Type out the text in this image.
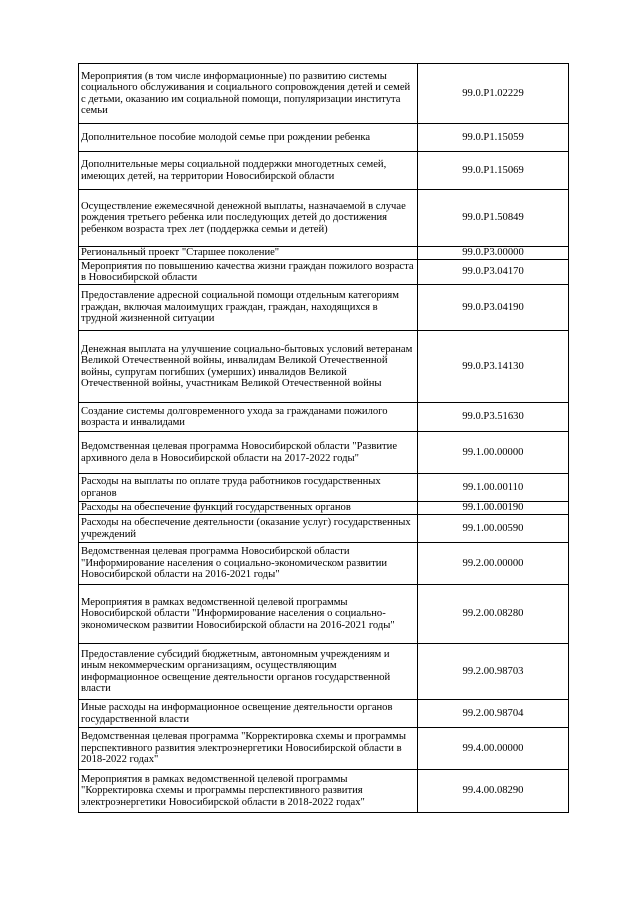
Мероприятия (в том числе информационные) по развитию системы социального обслуживания и социального сопровождения детей и семей с детьми, оказанию им социальной помощи, популяризации института семьи	99.0.P1.02229
Дополнительное пособие молодой семье при рождении ребенка	99.0.P1.15059
Дополнительные меры социальной поддержки многодетных семей, имеющих детей, на территории Новосибирской области	99.0.P1.15069
Осуществление ежемесячной денежной выплаты, назначаемой в случае рождения третьего ребенка или последующих детей до достижения ребенком возраста трех лет (поддержка семьи и детей)	99.0.P1.50849
Региональный проект "Старшее поколение"	99.0.P3.00000
Мероприятия по повышению качества жизни граждан пожилого возраста в Новосибирской области	99.0.P3.04170
Предоставление адресной социальной помощи отдельным категориям граждан, включая малоимущих граждан, граждан, находящихся в трудной жизненной ситуации	99.0.P3.04190
Денежная выплата на улучшение социально-бытовых условий ветеранам Великой Отечественной войны, инвалидам Великой Отечественной войны, супругам погибших (умерших) инвалидов Великой Отечественной войны, участникам Великой Отечественной войны	99.0.P3.14130
Создание системы долговременного ухода за гражданами пожилого возраста и инвалидами	99.0.P3.51630
Ведомственная целевая программа Новосибирской области "Развитие архивного дела в Новосибирской области на 2017-2022 годы"	99.1.00.00000
Расходы на выплаты по оплате труда работников государственных органов	99.1.00.00110
Расходы на обеспечение функций государственных органов	99.1.00.00190
Расходы на обеспечение деятельности (оказание услуг) государственных учреждений	99.1.00.00590
Ведомственная целевая программа Новосибирской области "Информирование населения о социально-экономическом развитии Новосибирской области на 2016-2021 годы"	99.2.00.00000
Мероприятия в рамках ведомственной целевой программы Новосибирской области "Информирование населения о социально-экономическом развитии Новосибирской области на 2016-2021 годы"	99.2.00.08280
Предоставление субсидий бюджетным, автономным учреждениям и иным некоммерческим организациям, осуществляющим информационное освещение деятельности органов государственной власти	99.2.00.98703
Иные расходы на информационное освещение деятельности органов государственной власти	99.2.00.98704
Ведомственная целевая программа "Корректировка схемы и программы перспективного развития электроэнергетики Новосибирской области в 2018-2022 годах"	99.4.00.00000
Мероприятия в рамках ведомственной целевой программы "Корректировка схемы и программы перспективного развития электроэнергетики Новосибирской области в 2018-2022 годах"	99.4.00.08290
